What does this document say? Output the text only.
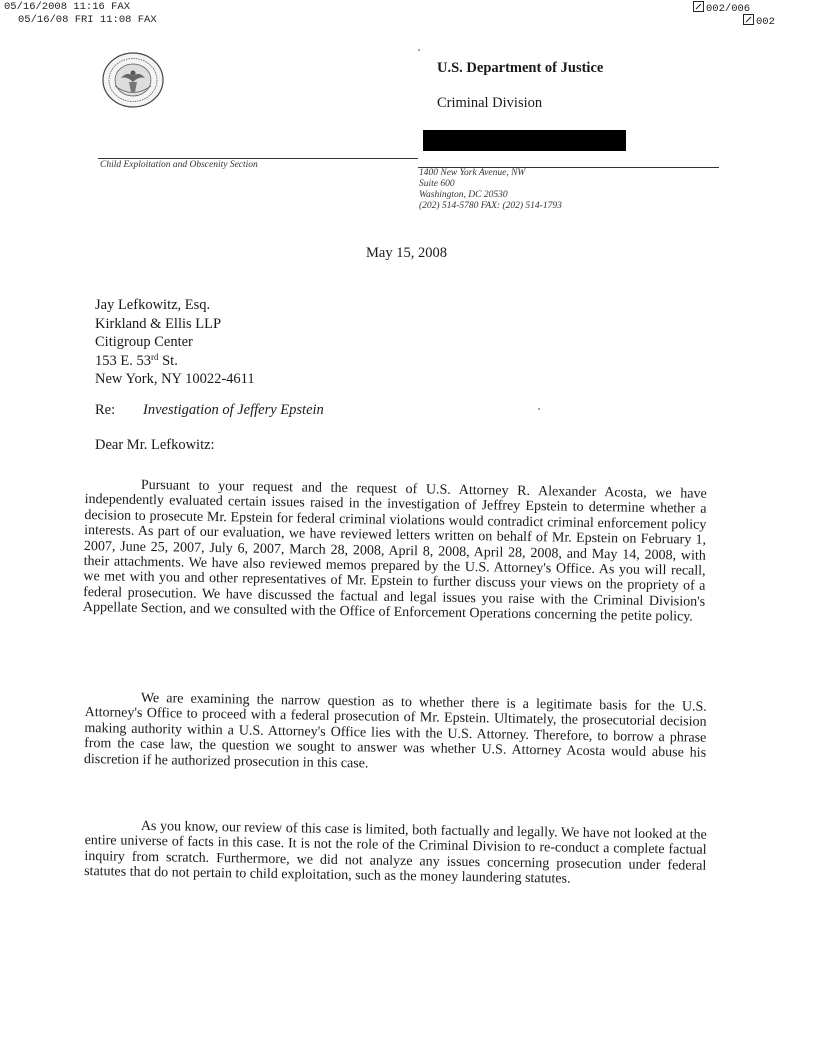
05/16/2008 11:16 FAX	002/006
05/16/08 FRI 11:08 FAX	002
U.S. Department of Justice
Criminal Division
Child Exploitation and Obscenity Section
1400 New York Avenue, NW
Suite 600
Washington, DC 20530
(202) 514-5780 FAX: (202) 514-1793
May 15, 2008
Jay Lefkowitz, Esq.
Kirkland & Ellis LLP
Citigroup Center
153 E. 53rd St.
New York, NY 10022-4611
Re: Investigation of Jeffery Epstein
Dear Mr. Lefkowitz:
Pursuant to your request and the request of U.S. Attorney R. Alexander Acosta, we have independently evaluated certain issues raised in the investigation of Jeffrey Epstein to determine whether a decision to prosecute Mr. Epstein for federal criminal violations would contradict criminal enforcement policy interests. As part of our evaluation, we have reviewed letters written on behalf of Mr. Epstein on February 1, 2007, June 25, 2007, July 6, 2007, March 28, 2008, April 8, 2008, April 28, 2008, and May 14, 2008, with their attachments. We have also reviewed memos prepared by the U.S. Attorney's Office. As you will recall, we met with you and other representatives of Mr. Epstein to further discuss your views on the propriety of a federal prosecution. We have discussed the factual and legal issues you raise with the Criminal Division's Appellate Section, and we consulted with the Office of Enforcement Operations concerning the petite policy.
We are examining the narrow question as to whether there is a legitimate basis for the U.S. Attorney's Office to proceed with a federal prosecution of Mr. Epstein. Ultimately, the prosecutorial decision making authority within a U.S. Attorney's Office lies with the U.S. Attorney. Therefore, to borrow a phrase from the case law, the question we sought to answer was whether U.S. Attorney Acosta would abuse his discretion if he authorized prosecution in this case.
As you know, our review of this case is limited, both factually and legally. We have not looked at the entire universe of facts in this case. It is not the role of the Criminal Division to re-conduct a complete factual inquiry from scratch. Furthermore, we did not analyze any issues concerning prosecution under federal statutes that do not pertain to child exploitation, such as the money laundering statutes.
